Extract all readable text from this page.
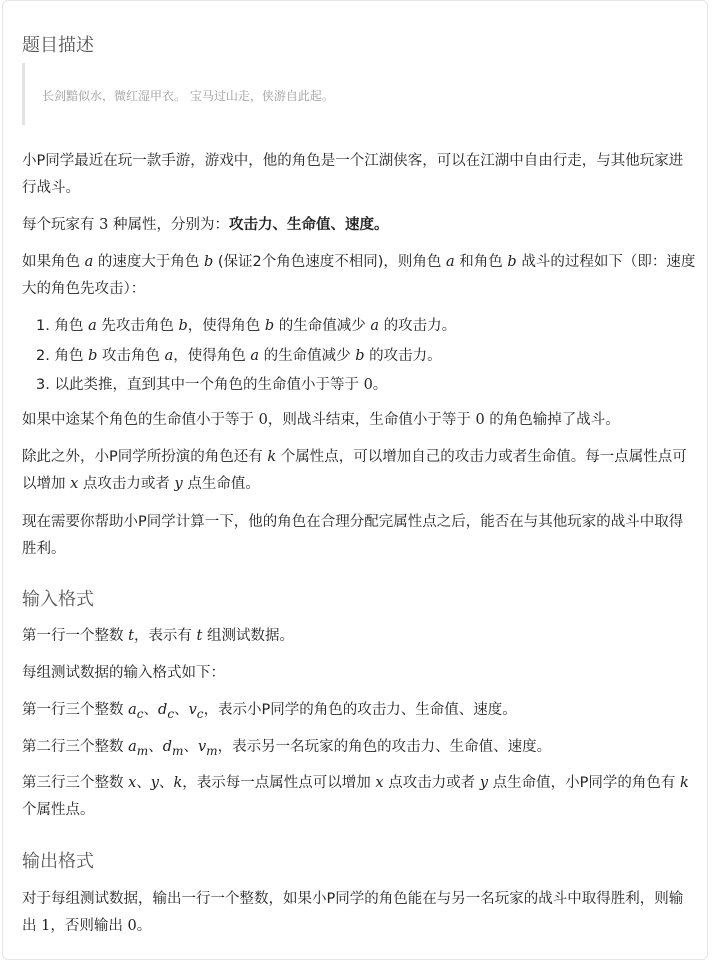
题目描述

长剑黯似水，微红湿甲衣。 宝马过山走，侠游自此起。

小P同学最近在玩一款手游，游戏中，他的角色是一个江湖侠客，可以在江湖中自由行走，与其他玩家进行战斗。

每个玩家有 3 种属性，分别为：攻击力、生命值、速度。

如果角色 a 的速度大于角色 b (保证2个角色速度不相同)，则角色 a 和角色 b 战斗的过程如下（即：速度大的角色先攻击）：

1. 角色 a 先攻击角色 b，使得角色 b 的生命值减少 a 的攻击力。
2. 角色 b 攻击角色 a，使得角色 a 的生命值减少 b 的攻击力。
3. 以此类推，直到其中一个角色的生命值小于等于 0。

如果中途某个角色的生命值小于等于 0，则战斗结束，生命值小于等于 0 的角色输掉了战斗。

除此之外，小P同学所扮演的角色还有 k 个属性点，可以增加自己的攻击力或者生命值。每一点属性点可以增加 x 点攻击力或者 y 点生命值。

现在需要你帮助小P同学计算一下，他的角色在合理分配完属性点之后，能否在与其他玩家的战斗中取得胜利。

输入格式

第一行一个整数 t，表示有 t 组测试数据。

每组测试数据的输入格式如下：

第一行三个整数 $a_c$、$d_c$、$v_c$，表示小P同学的角色的攻击力、生命值、速度。

第二行三个整数 $a_m$、$d_m$、$v_m$，表示另一名玩家的角色的攻击力、生命值、速度。

第三行三个整数 x、y、k，表示每一点属性点可以增加 x 点攻击力或者 y 点生命值，小P同学的角色有 k 个属性点。

输出格式

对于每组测试数据，输出一行一个整数，如果小P同学的角色能在与另一名玩家的战斗中取得胜利，则输出 1，否则输出 0。
